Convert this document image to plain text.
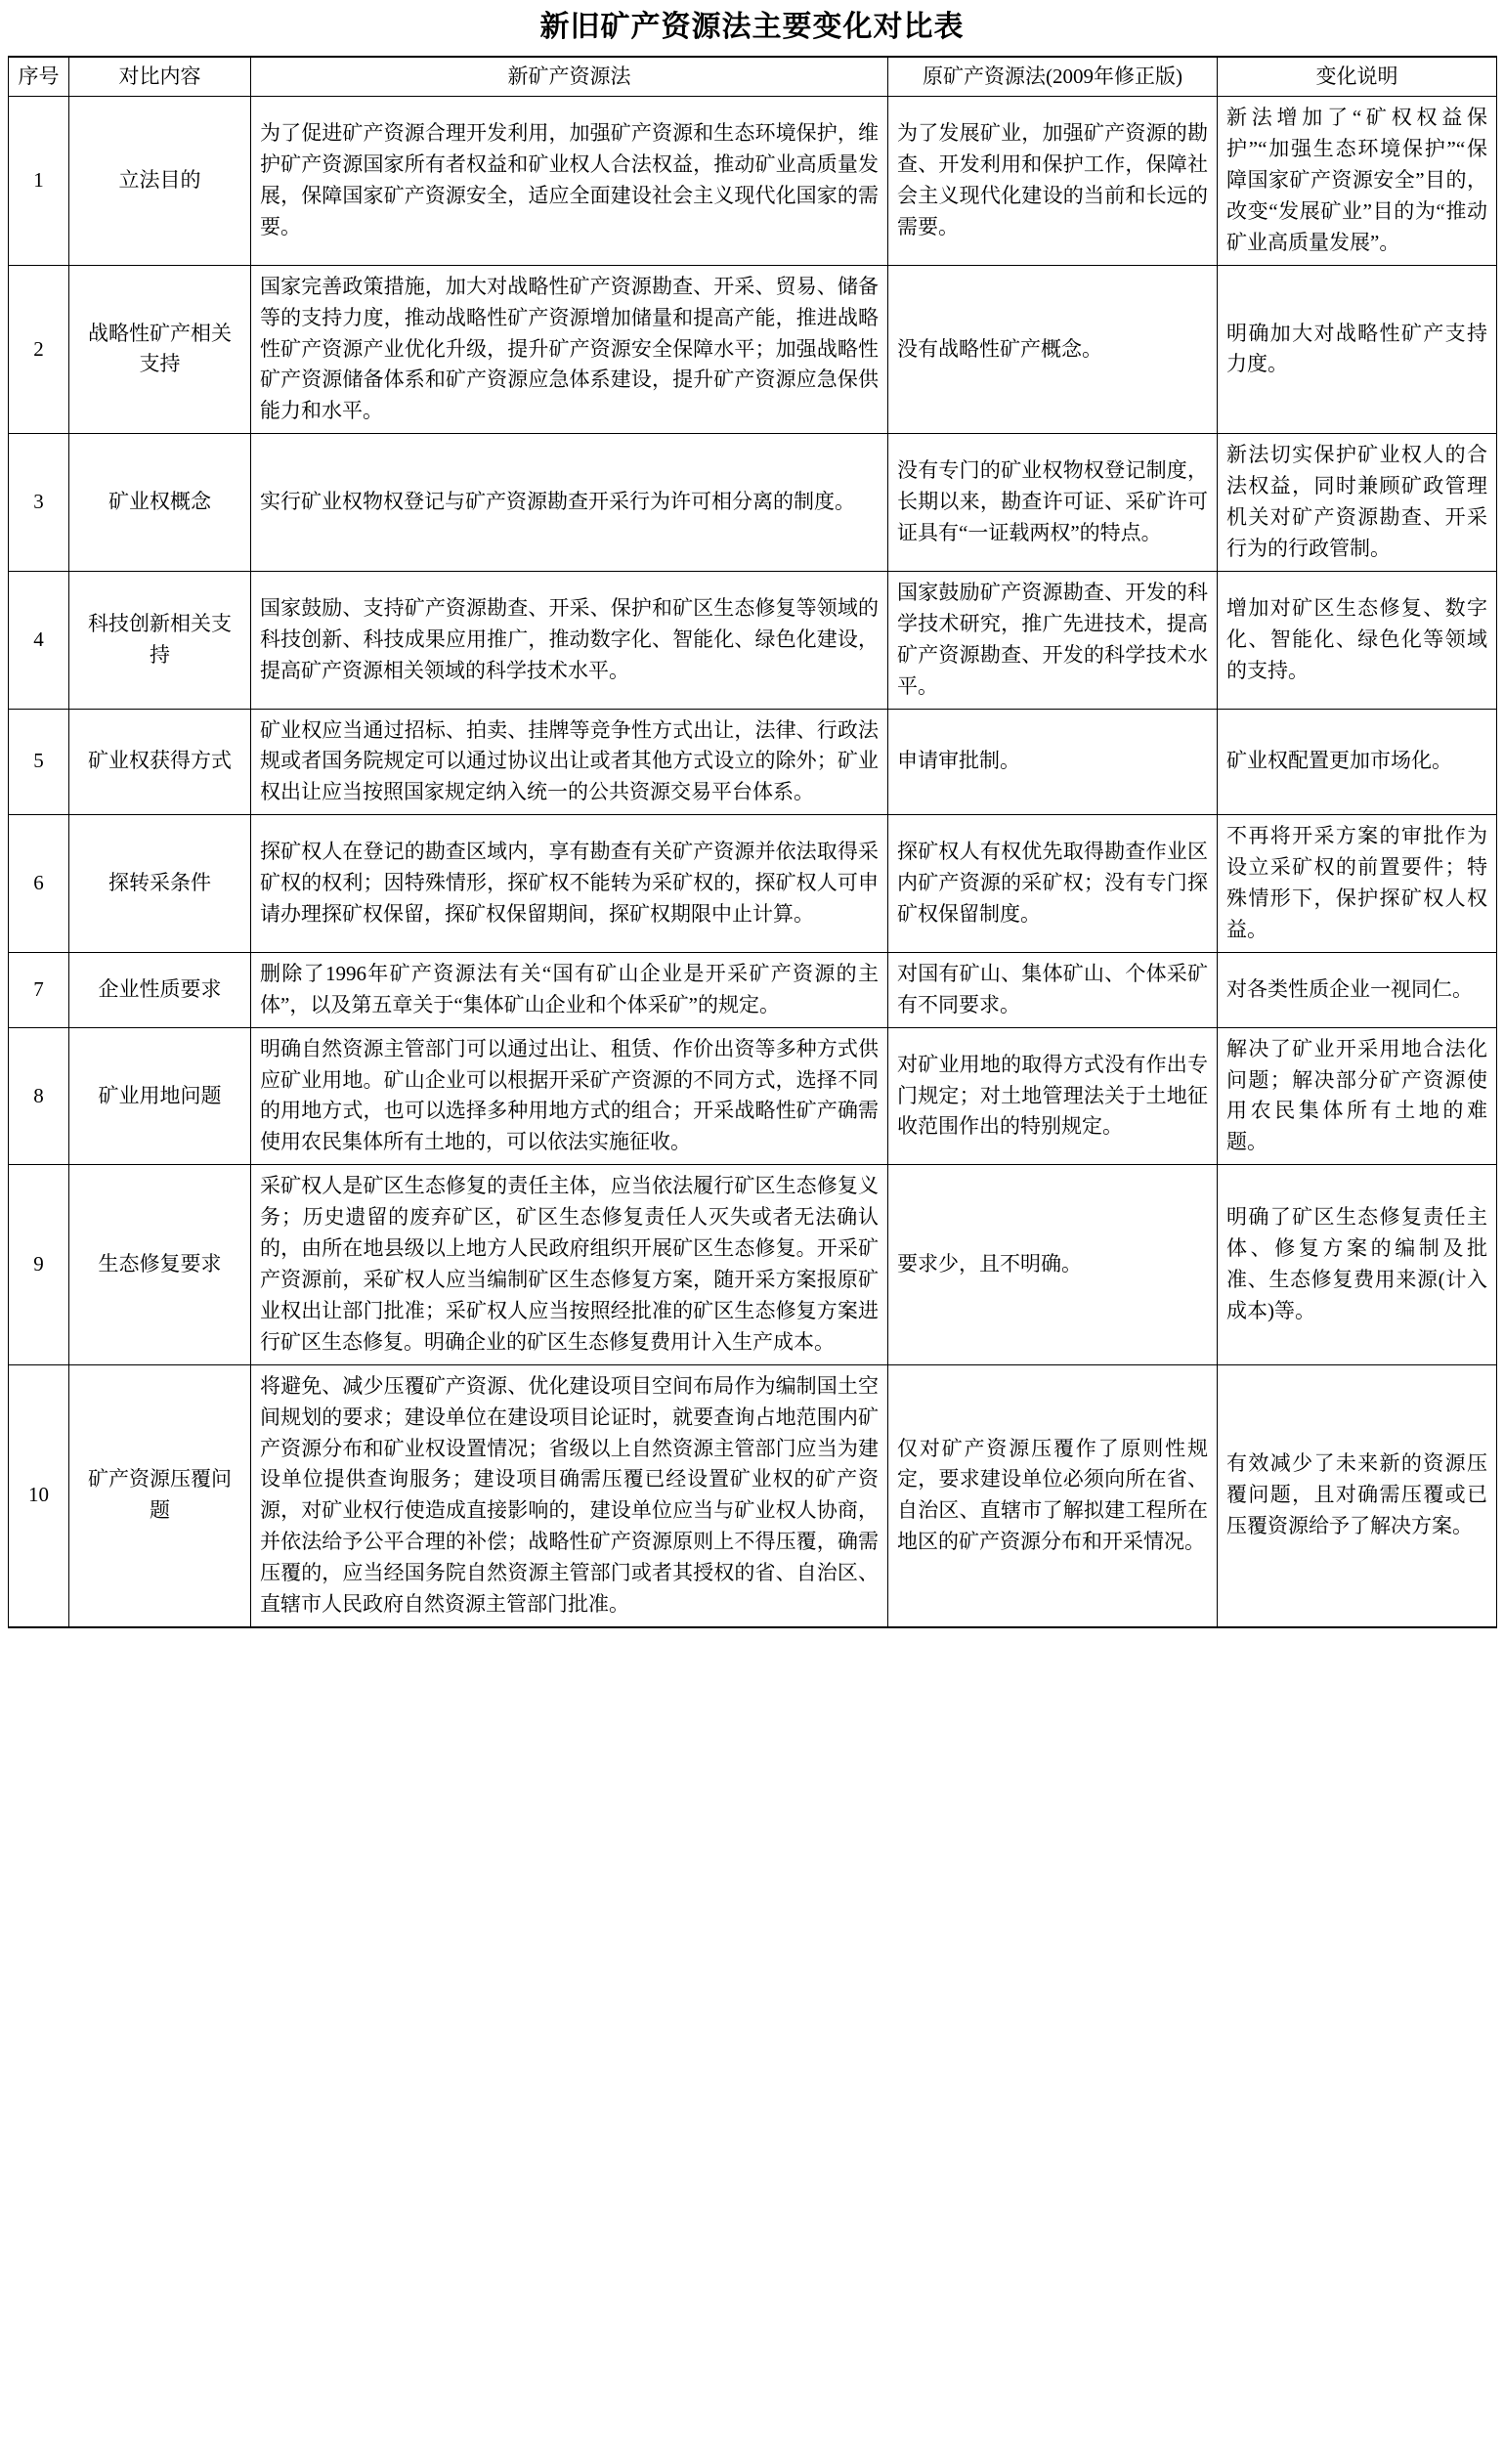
新旧矿产资源法主要变化对比表
序号	对比内容	新矿产资源法	原矿产资源法(2009年修正版)	变化说明
1	立法目的	为了促进矿产资源合理开发利用，加强矿产资源和生态环境保护，维护矿产资源国家所有者权益和矿业权人合法权益，推动矿业高质量发展，保障国家矿产资源安全，适应全面建设社会主义现代化国家的需要。	为了发展矿业，加强矿产资源的勘查、开发利用和保护工作，保障社会主义现代化建设的当前和长远的需要。	新法增加了“矿权权益保护”“加强生态环境保护”“保障国家矿产资源安全”目的，改变“发展矿业”目的为“推动矿业高质量发展”。
2	战略性矿产相关支持	国家完善政策措施，加大对战略性矿产资源勘查、开采、贸易、储备等的支持力度，推动战略性矿产资源增加储量和提高产能，推进战略性矿产资源产业优化升级，提升矿产资源安全保障水平；加强战略性矿产资源储备体系和矿产资源应急体系建设，提升矿产资源应急保供能力和水平。	没有战略性矿产概念。	明确加大对战略性矿产支持力度。
3	矿业权概念	实行矿业权物权登记与矿产资源勘查开采行为许可相分离的制度。	没有专门的矿业权物权登记制度，长期以来，勘查许可证、采矿许可证具有“一证载两权”的特点。	新法切实保护矿业权人的合法权益，同时兼顾矿政管理机关对矿产资源勘查、开采行为的行政管制。
4	科技创新相关支持	国家鼓励、支持矿产资源勘查、开采、保护和矿区生态修复等领域的科技创新、科技成果应用推广，推动数字化、智能化、绿色化建设，提高矿产资源相关领域的科学技术水平。	国家鼓励矿产资源勘查、开发的科学技术研究，推广先进技术，提高矿产资源勘查、开发的科学技术水平。	增加对矿区生态修复、数字化、智能化、绿色化等领域的支持。
5	矿业权获得方式	矿业权应当通过招标、拍卖、挂牌等竞争性方式出让，法律、行政法规或者国务院规定可以通过协议出让或者其他方式设立的除外；矿业权出让应当按照国家规定纳入统一的公共资源交易平台体系。	申请审批制。	矿业权配置更加市场化。
6	探转采条件	探矿权人在登记的勘查区域内，享有勘查有关矿产资源并依法取得采矿权的权利；因特殊情形，探矿权不能转为采矿权的，探矿权人可申请办理探矿权保留，探矿权保留期间，探矿权期限中止计算。	探矿权人有权优先取得勘查作业区内矿产资源的采矿权；没有专门探矿权保留制度。	不再将开采方案的审批作为设立采矿权的前置要件；特殊情形下，保护探矿权人权益。
7	企业性质要求	删除了1996年矿产资源法有关“国有矿山企业是开采矿产资源的主体”，以及第五章关于“集体矿山企业和个体采矿”的规定。	对国有矿山、集体矿山、个体采矿有不同要求。	对各类性质企业一视同仁。
8	矿业用地问题	明确自然资源主管部门可以通过出让、租赁、作价出资等多种方式供应矿业用地。矿山企业可以根据开采矿产资源的不同方式，选择不同的用地方式，也可以选择多种用地方式的组合；开采战略性矿产确需使用农民集体所有土地的，可以依法实施征收。	对矿业用地的取得方式没有作出专门规定；对土地管理法关于土地征收范围作出的特别规定。	解决了矿业开采用地合法化问题；解决部分矿产资源使用农民集体所有土地的难题。
9	生态修复要求	采矿权人是矿区生态修复的责任主体，应当依法履行矿区生态修复义务；历史遗留的废弃矿区，矿区生态修复责任人灭失或者无法确认的，由所在地县级以上地方人民政府组织开展矿区生态修复。开采矿产资源前，采矿权人应当编制矿区生态修复方案，随开采方案报原矿业权出让部门批准；采矿权人应当按照经批准的矿区生态修复方案进行矿区生态修复。明确企业的矿区生态修复费用计入生产成本。	要求少，且不明确。	明确了矿区生态修复责任主体、修复方案的编制及批准、生态修复费用来源(计入成本)等。
10	矿产资源压覆问题	将避免、减少压覆矿产资源、优化建设项目空间布局作为编制国土空间规划的要求；建设单位在建设项目论证时，就要查询占地范围内矿产资源分布和矿业权设置情况；省级以上自然资源主管部门应当为建设单位提供查询服务；建设项目确需压覆已经设置矿业权的矿产资源，对矿业权行使造成直接影响的，建设单位应当与矿业权人协商，并依法给予公平合理的补偿；战略性矿产资源原则上不得压覆，确需压覆的，应当经国务院自然资源主管部门或者其授权的省、自治区、直辖市人民政府自然资源主管部门批准。	仅对矿产资源压覆作了原则性规定，要求建设单位必须向所在省、自治区、直辖市了解拟建工程所在地区的矿产资源分布和开采情况。	有效减少了未来新的资源压覆问题，且对确需压覆或已压覆资源给予了解决方案。
